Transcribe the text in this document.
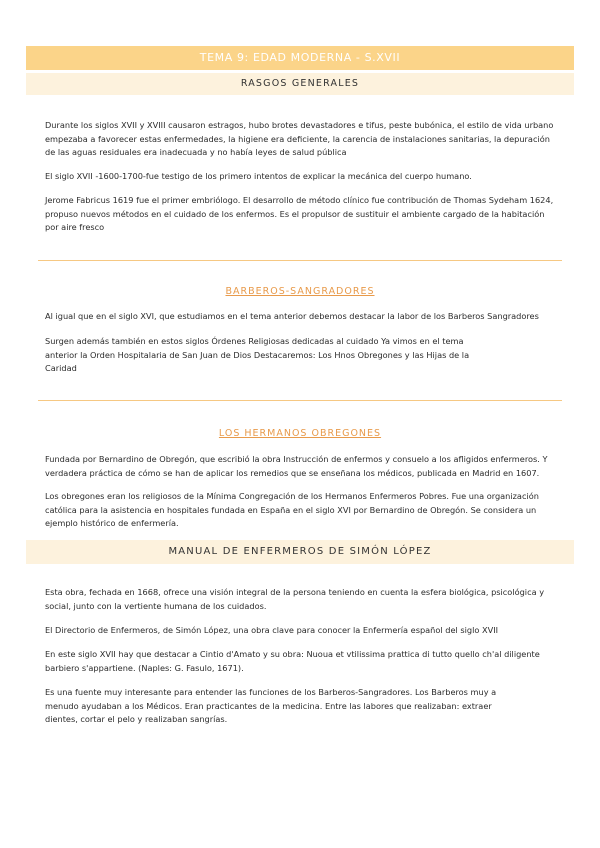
TEMA 9: EDAD MODERNA - S.XVII
RASGOS GENERALES

Durante los siglos XVII y XVIII causaron estragos, hubo brotes devastadores e tifus, peste bubónica, el estilo de vida urbano empezaba a favorecer estas enfermedades, la higiene era deficiente, la carencia de instalaciones sanitarias, la depuración de las aguas residuales era inadecuada y no había leyes de salud pública

El siglo XVII -1600-1700-fue testigo de los primero intentos de explicar la mecánica del cuerpo humano.

Jerome Fabricus 1619 fue el primer embriólogo. El desarrollo de método clínico fue contribución de Thomas Sydeham 1624, propuso nuevos métodos en el cuidado de los enfermos. Es el propulsor de sustituir el ambiente cargado de la habitación por aire fresco

BARBEROS-SANGRADORES

Al igual que en el siglo XVI, que estudiamos en el tema anterior debemos destacar la labor de los Barberos Sangradores

Surgen además también en estos siglos Órdenes Religiosas dedicadas al cuidado Ya vimos en el tema anterior la Orden Hospitalaria de San Juan de Dios Destacaremos: Los Hnos Obregones y las Hijas de la Caridad

LOS HERMANOS OBREGONES

Fundada por Bernardino de Obregón, que escribió la obra Instrucción de enfermos y consuelo a los afligidos enfermeros. Y verdadera práctica de cómo se han de aplicar los remedios que se enseñana los médicos, publicada en Madrid en 1607.

Los obregones eran los religiosos de la Mínima Congregación de los Hermanos Enfermeros Pobres. Fue una organización católica para la asistencia en hospitales fundada en España en el siglo XVI por Bernardino de Obregón. Se considera un ejemplo histórico de enfermería.

MANUAL DE ENFERMEROS DE SIMÓN LÓPEZ

Esta obra, fechada en 1668, ofrece una visión integral de la persona teniendo en cuenta la esfera biológica, psicológica y social, junto con la vertiente humana de los cuidados.

El Directorio de Enfermeros, de Simón López, una obra clave para conocer la Enfermería español del siglo XVII

En este siglo XVII hay que destacar a Cintio d'Amato y su obra: Nuoua et vtilissima prattica di tutto quello ch'al diligente barbiero s'appartiene. (Naples: G. Fasulo, 1671).

Es una fuente muy interesante para entender las funciones de los Barberos-Sangradores. Los Barberos muy a menudo ayudaban a los Médicos. Eran practicantes de la medicina. Entre las labores que realizaban: extraer dientes, cortar el pelo y realizaban sangrías.
